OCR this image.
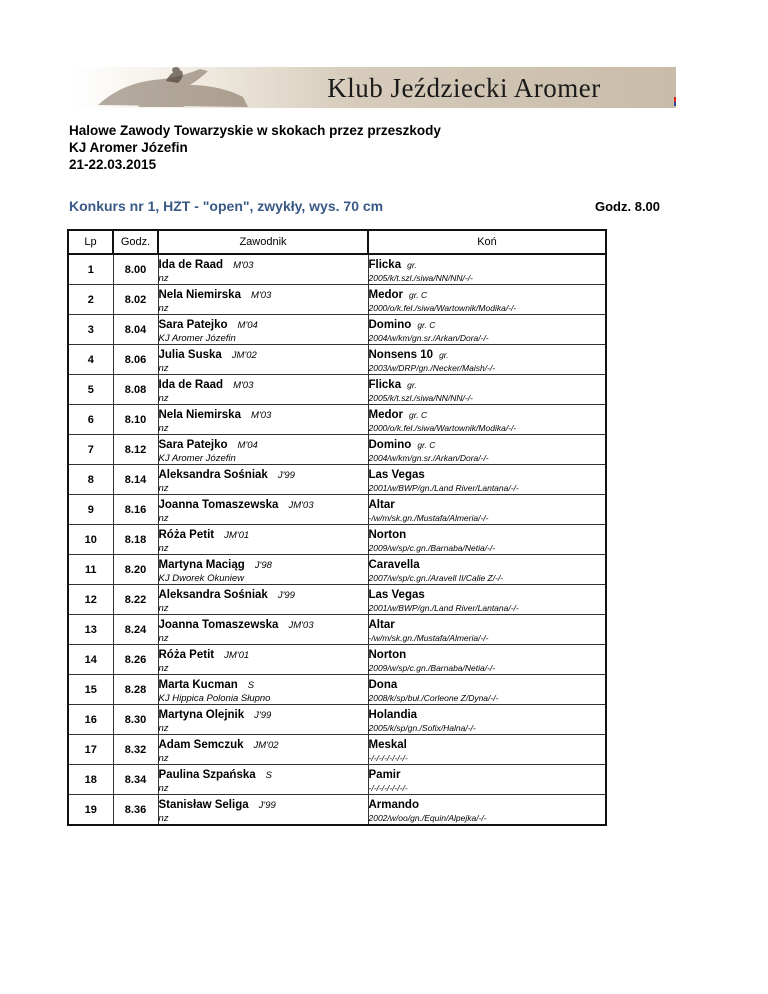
Klub Jeździecki Aromer
Halowe Zawody Towarzyskie w skokach przez przeszkody
KJ Aromer Józefin
21-22.03.2015
Konkurs nr 1, HZT - "open", zwykły, wys. 70 cm	Godz. 8.00
Lp	Godz.	Zawodnik	Koń
1	8.00	Ida de Raad M'03
nz	Flicka gr.
2005/k/t.szl./siwa/NN/NN/-/-

2	8.02	Nela Niemirska M'03
nz	Medor gr. C
2000/o/k.fel./siwa/Wartownik/Modika/-/-

3	8.04	Sara Patejko M'04
KJ Aromer Józefin	Domino gr. C
2004/w/km/gn.sr./Arkan/Dora/-/-

4	8.06	Julia Suska JM'02
nz	Nonsens 10 gr.
2003/w/DRP/gn./Necker/Maish/-/-

5	8.08	Ida de Raad M'03
nz	Flicka gr.
2005/k/t.szl./siwa/NN/NN/-/-

6	8.10	Nela Niemirska M'03
nz	Medor gr. C
2000/o/k.fel./siwa/Wartownik/Modika/-/-

7	8.12	Sara Patejko M'04
KJ Aromer Józefin	Domino gr. C
2004/w/km/gn.sr./Arkan/Dora/-/-

8	8.14	Aleksandra Sośniak J'99
nz	Las Vegas
2001/w/BWP/gn./Land River/Lantana/-/-

9	8.16	Joanna Tomaszewska JM'03
nz	Altar
-/w/m/sk.gn./Mustafa/Almeria/-/-

10	8.18	Róża Petit JM'01
nz	Norton
2009/w/sp/c.gn./Barnaba/Netia/-/-

11	8.20	Martyna Maciąg J'98
KJ Dworek Okuniew	Caravella
2007/w/sp/c.gn./Aravell II/Calie Z/-/-

12	8.22	Aleksandra Sośniak J'99
nz	Las Vegas
2001/w/BWP/gn./Land River/Lantana/-/-

13	8.24	Joanna Tomaszewska JM'03
nz	Altar
-/w/m/sk.gn./Mustafa/Almeria/-/-

14	8.26	Róża Petit JM'01
nz	Norton
2009/w/sp/c.gn./Barnaba/Netia/-/-

15	8.28	Marta Kucman S
KJ Hippica Polonia Słupno	Dona
2008/k/sp/buł./Corleone Z/Dyna/-/-

16	8.30	Martyna Olejnik J'99
nz	Holandia
2005/k/sp/gn./Sofix/Halna/-/-

17	8.32	Adam Semczuk JM'02
nz	Meskal
-/-/-/-/-/-/-/-

18	8.34	Paulina Szpańska S
nz	Pamir
-/-/-/-/-/-/-/-

19	8.36	Stanisław Seliga J'99
nz	Armando
2002/w/oo/gn./Equin/Alpejka/-/-
